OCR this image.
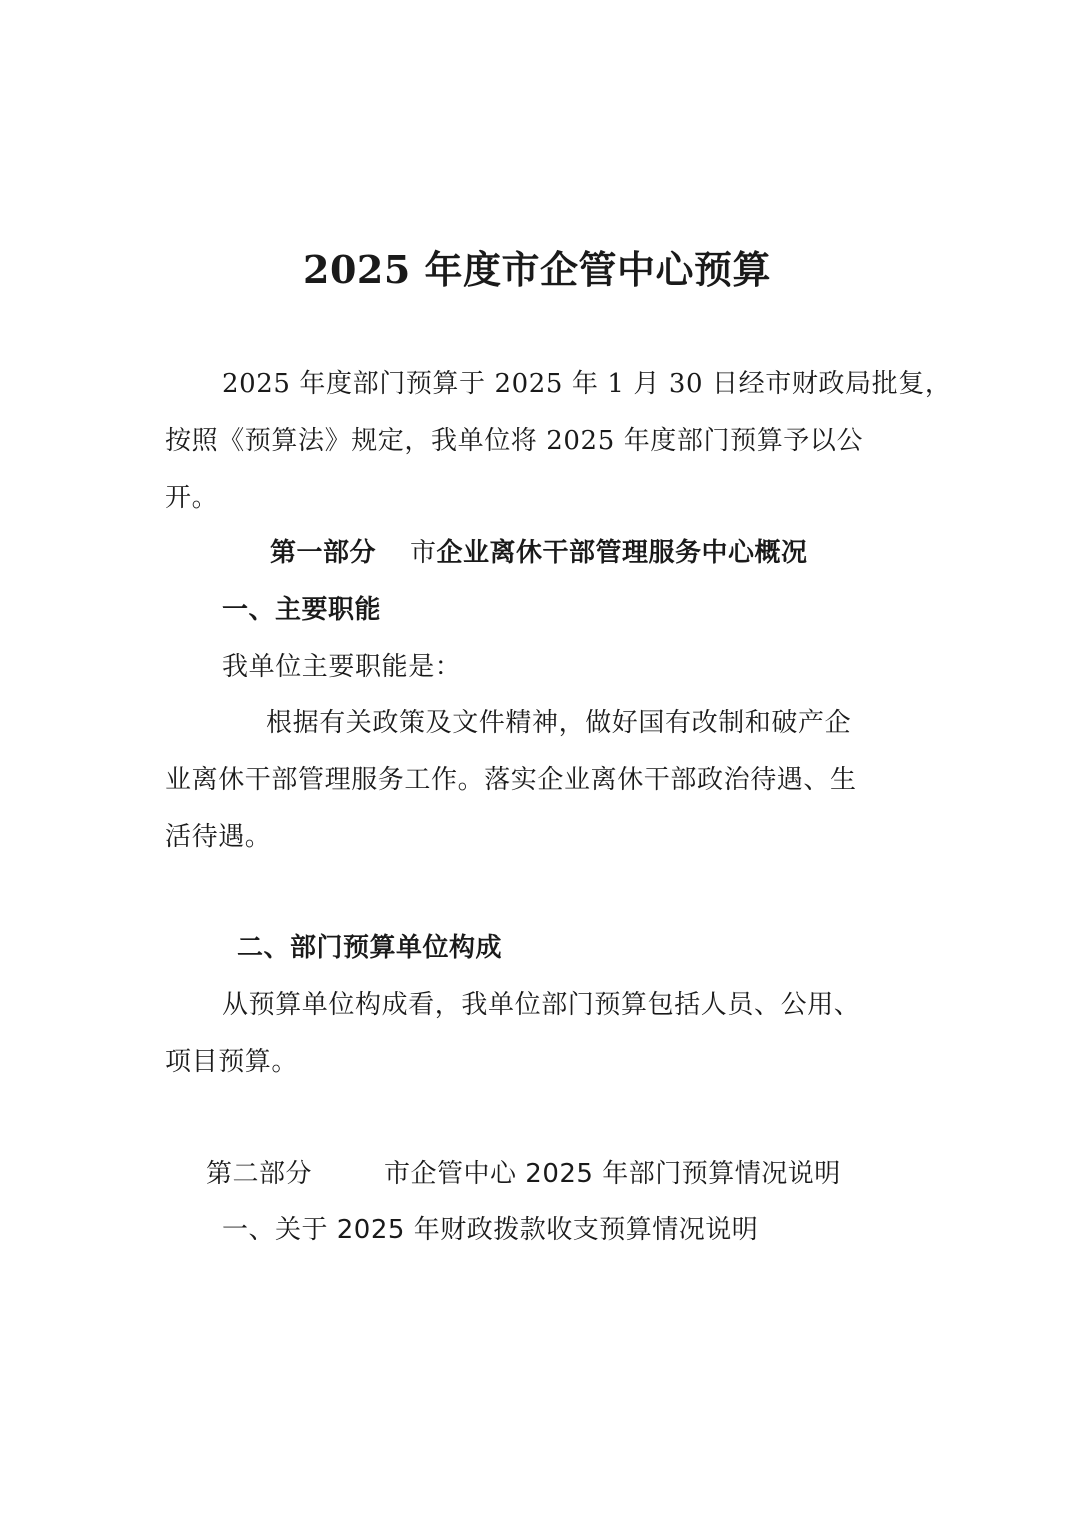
2025 年度市企管中心预算

2025 年度部门预算于 2025 年 1 月 30 日经市财政局批复，

按照《预算法》规定，我单位将 2025 年度部门预算予以公

开。

第一部分 市企业离休干部管理服务中心概况
一、主要职能

我单位主要职能是：

根据有关政策及文件精神，做好国有改制和破产企

业离休干部管理服务工作。落实企业离休干部政治待遇、生

活待遇。

二、部门预算单位构成

从预算单位构成看，我单位部门预算包括人员、公用、

项目预算。

第二部分	市企管中心 2025 年部门预算情况说明
一、关于 2025 年财政拨款收支预算情况说明
